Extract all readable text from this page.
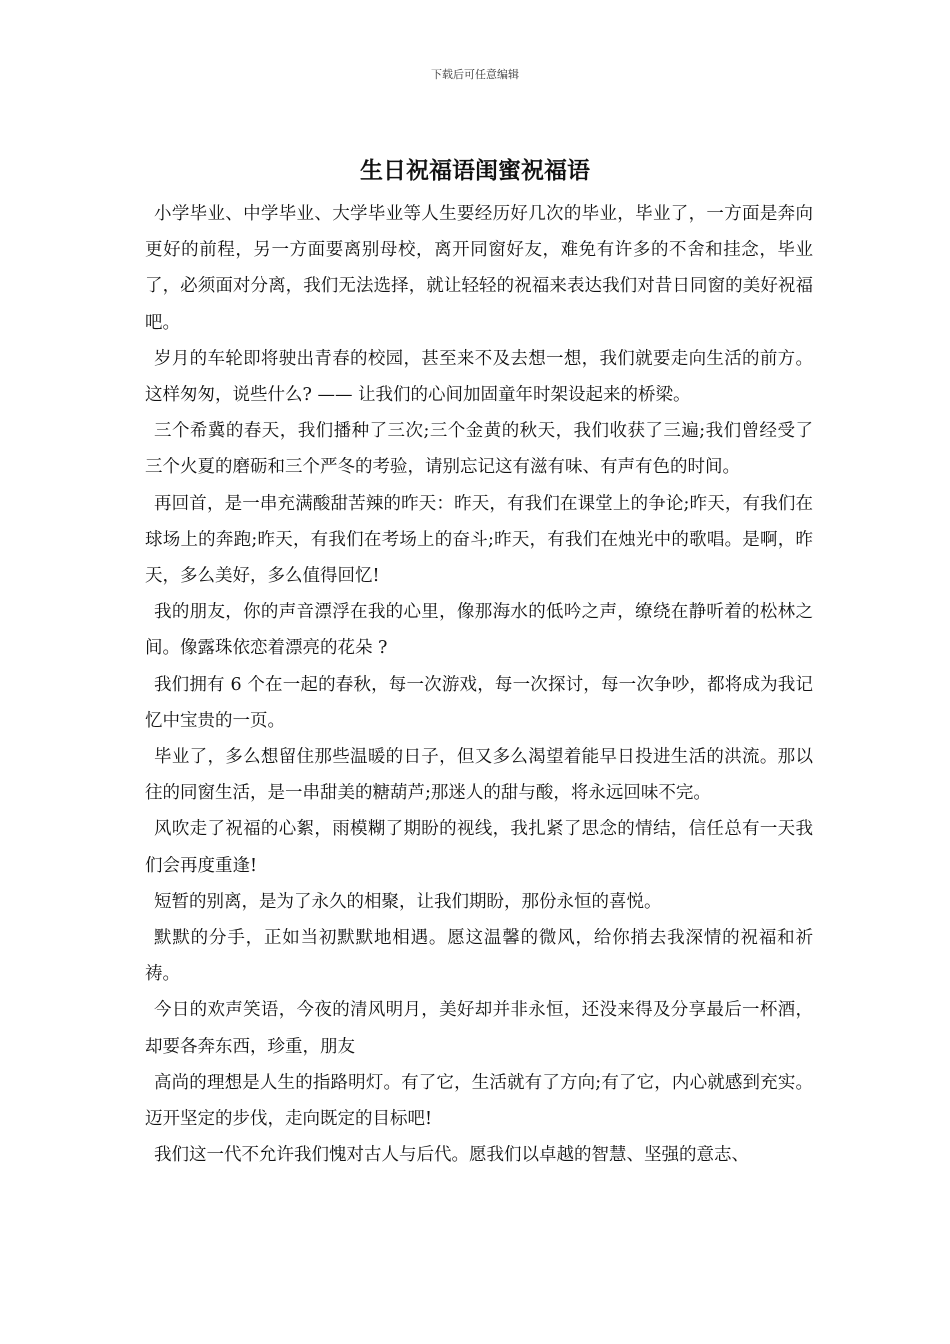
下载后可任意编辑
生日祝福语闺蜜祝福语

小学毕业、中学毕业、大学毕业等人生要经历好几次的毕业，毕业了，一方面是奔向更好的前程，另一方面要离别母校，离开同窗好友，难免有许多的不舍和挂念，毕业了，必须面对分离，我们无法选择，就让轻轻的祝福来表达我们对昔日同窗的美好祝福吧。

岁月的车轮即将驶出青春的校园，甚至来不及去想一想，我们就要走向生活的前方。这样匆匆，说些什么? —— 让我们的心间加固童年时架设起来的桥梁。

三个希冀的春天，我们播种了三次;三个金黄的秋天，我们收获了三遍;我们曾经受了三个火夏的磨砺和三个严冬的考验，请别忘记这有滋有味、有声有色的时间。

再回首，是一串充满酸甜苦辣的昨天：昨天，有我们在课堂上的争论;昨天，有我们在球场上的奔跑;昨天，有我们在考场上的奋斗;昨天，有我们在烛光中的歌唱。是啊，昨天，多么美好，多么值得回忆!

我的朋友，你的声音漂浮在我的心里，像那海水的低吟之声，缭绕在静听着的松林之间。像露珠依恋着漂亮的花朵 ?

我们拥有 6 个在一起的春秋，每一次游戏，每一次探讨，每一次争吵，都将成为我记忆中宝贵的一页。

毕业了，多么想留住那些温暖的日子，但又多么渴望着能早日投进生活的洪流。那以往的同窗生活，是一串甜美的糖葫芦;那迷人的甜与酸，将永远回味不完。

风吹走了祝福的心絮，雨模糊了期盼的视线，我扎紧了思念的情结，信任总有一天我们会再度重逢!

短暂的别离，是为了永久的相聚，让我们期盼，那份永恒的喜悦。

默默的分手，正如当初默默地相遇。愿这温馨的微风，给你捎去我深情的祝福和祈祷。

今日的欢声笑语，今夜的清风明月，美好却并非永恒，还没来得及分享最后一杯酒，却要各奔东西，珍重，朋友

高尚的理想是人生的指路明灯。有了它，生活就有了方向;有了它，内心就感到充实。迈开坚定的步伐，走向既定的目标吧!

我们这一代不允许我们愧对古人与后代。愿我们以卓越的智慧、坚强的意志、
